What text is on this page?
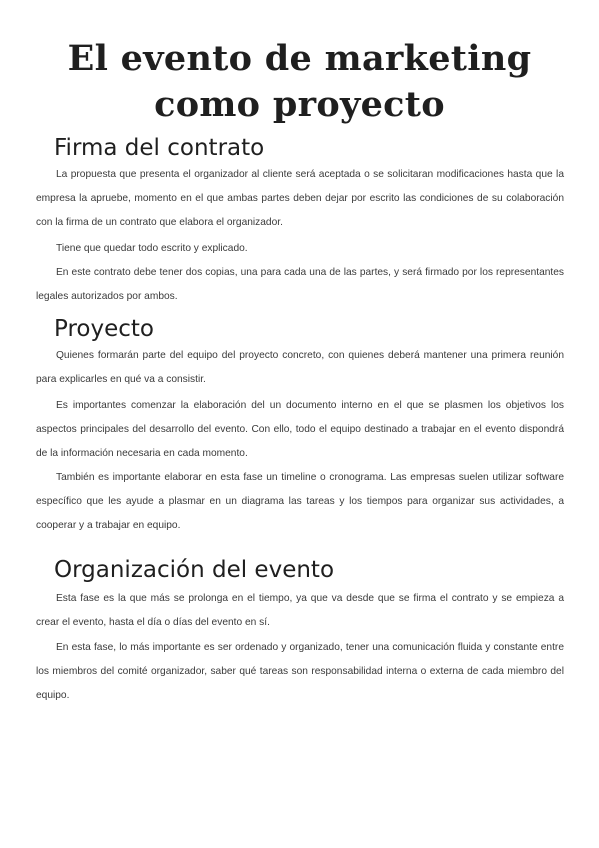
El evento de marketing como proyecto
Firma del contrato

La propuesta que presenta el organizador al cliente será aceptada o se solicitaran modificaciones hasta que la empresa la apruebe, momento en el que ambas partes deben dejar por escrito las condiciones de su colaboración con la firma de un contrato que elabora el organizador.

Tiene que quedar todo escrito y explicado.

En este contrato debe tener dos copias, una para cada una de las partes, y será firmado por los representantes legales autorizados por ambos.

Proyecto

Quienes formarán parte del equipo del proyecto concreto, con quienes deberá mantener una primera reunión para explicarles en qué va a consistir.

Es importantes comenzar la elaboración del un documento interno en el que se plasmen los objetivos los aspectos principales del desarrollo del evento. Con ello, todo el equipo destinado a trabajar en el evento dispondrá de la información necesaria en cada momento.

También es importante elaborar en esta fase un timeline o cronograma. Las empresas suelen utilizar software específico que les ayude a plasmar en un diagrama las tareas y los tiempos para organizar sus actividades, a cooperar y a trabajar en equipo.

Organización del evento

Esta fase es la que más se prolonga en el tiempo, ya que va desde que se firma el contrato y se empieza a crear el evento, hasta el día o días del evento en sí.

En esta fase, lo más importante es ser ordenado y organizado, tener una comunicación fluida y constante entre los miembros del comité organizador, saber qué tareas son responsabilidad interna o externa de cada miembro del equipo.
